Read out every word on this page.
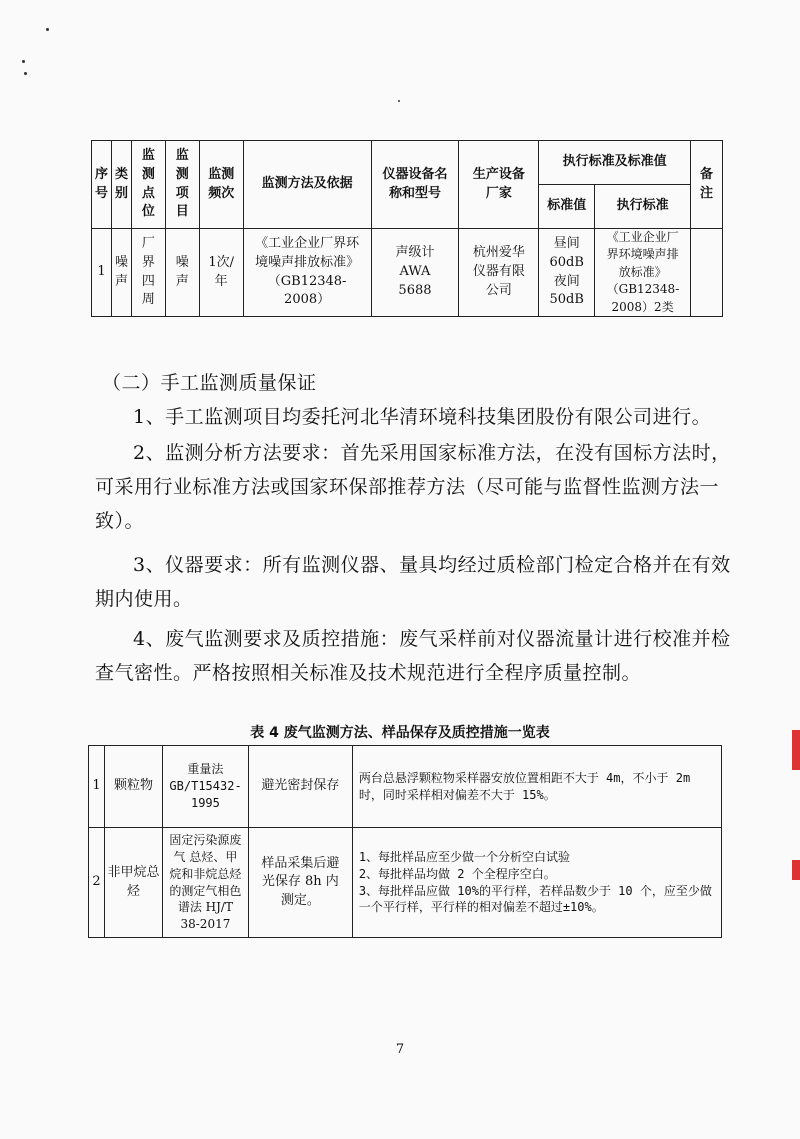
序号	类别	监测点位	监测项目	监测频次	监测方法及依据	仪器设备名称和型号	生产设备厂家	执行标准及标准值		备注

								标准值	执行标准	
1	噪声	厂界四周	噪声	1次/年	《工业企业厂界环境噪声排放标准》（GB12348-2008）	声级计 AWA 5688	杭州爱华仪器有限公司	昼间60dB夜间50dB	《工业企业厂界环境噪声排放标准》（GB12348-2008）2类	

（二）手工监测质量保证
1、手工监测项目均委托河北华清环境科技集团股份有限公司进行。
2、监测分析方法要求：首先采用国家标准方法，在没有国标方法时，可采用行业标准方法或国家环保部推荐方法（尽可能与监督性监测方法一致）。
3、仪器要求：所有监测仪器、量具均经过质检部门检定合格并在有效期内使用。
4、废气监测要求及质控措施：废气采样前对仪器流量计进行校准并检查气密性。严格按照相关标准及技术规范进行全程序质量控制。
表 4 废气监测方法、样品保存及质控措施一览表
1	颗粒物	重量法 GB/T15432-1995	避光密封保存	两台总悬浮颗粒物采样器安放位置相距不大于 4m，不小于 2m 时，同时采样相对偏差不大于 15%。
2	非甲烷总烃	固定污染源废气 总烃、甲烷和非烷总烃的测定气相色谱法 HJ/T 38-2017	样品采集后避光保存 8h 内测定。	1、每批样品应至少做一个分析空白试验
2、每批样品均做 2 个全程序空白。
3、每批样品应做 10%的平行样，若样品数少于 10 个，应至少做一个平行样，平行样的相对偏差不超过±10%。
7
